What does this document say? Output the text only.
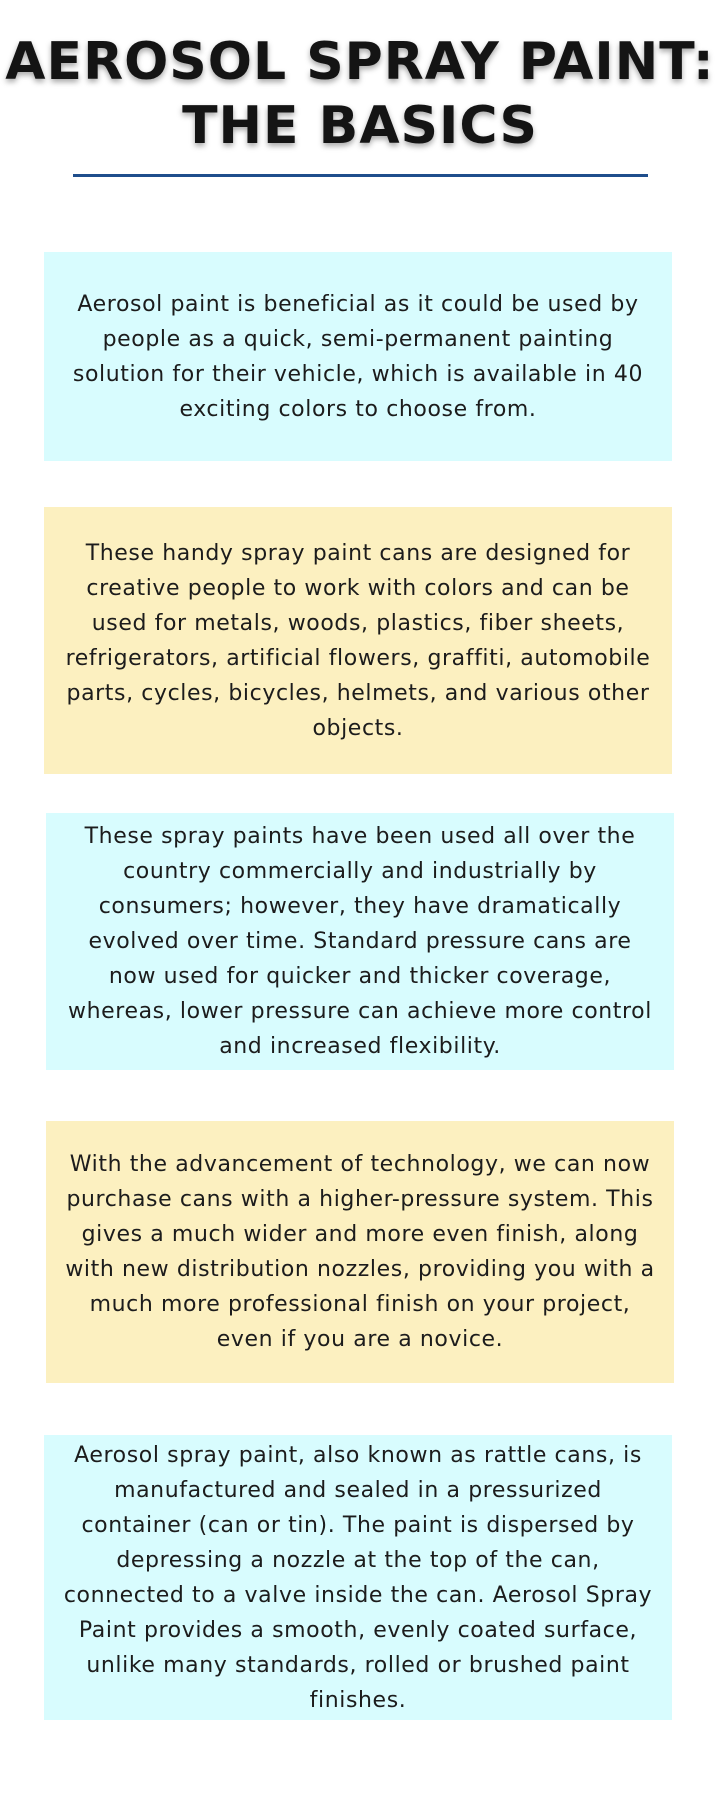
AEROSOL SPRAY PAINT:
THE BASICS

Aerosol paint is beneficial as it could be used by people as a quick, semi-permanent painting solution for their vehicle, which is available in 40 exciting colors to choose from.

These handy spray paint cans are designed for creative people to work with colors and can be used for metals, woods, plastics, fiber sheets, refrigerators, artificial flowers, graffiti, automobile parts, cycles, bicycles, helmets, and various other objects.

These spray paints have been used all over the country commercially and industrially by consumers; however, they have dramatically evolved over time. Standard pressure cans are now used for quicker and thicker coverage, whereas, lower pressure can achieve more control and increased flexibility.

With the advancement of technology, we can now purchase cans with a higher-pressure system. This gives a much wider and more even finish, along with new distribution nozzles, providing you with a much more professional finish on your project, even if you are a novice.

Aerosol spray paint, also known as rattle cans, is manufactured and sealed in a pressurized container (can or tin). The paint is dispersed by depressing a nozzle at the top of the can, connected to a valve inside the can. Aerosol Spray Paint provides a smooth, evenly coated surface, unlike many standards, rolled or brushed paint finishes.
